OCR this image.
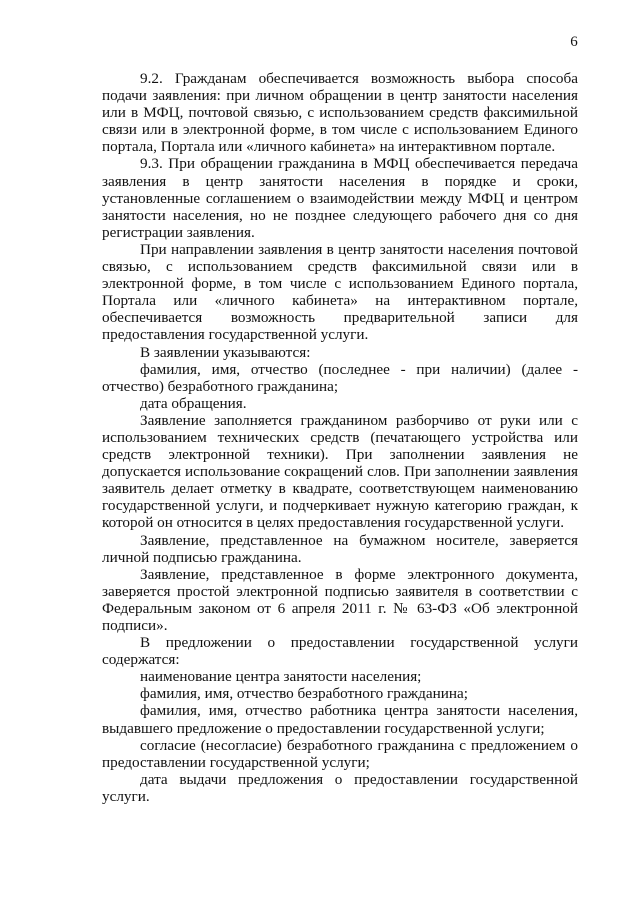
6

9.2. Гражданам обеспечивается возможность выбора способа подачи заявления: при личном обращении в центр занятости населения или в МФЦ, почтовой связью, с использованием средств факсимильной связи или в электронной форме, в том числе с использованием Единого портала, Портала или «личного кабинета» на интерактивном портале.

9.3. При обращении гражданина в МФЦ обеспечивается передача заявления в центр занятости населения в порядке и сроки, установленные соглашением о взаимодействии между МФЦ и центром занятости населения, но не позднее следующего рабочего дня со дня регистрации заявления.

При направлении заявления в центр занятости населения почтовой связью, с использованием средств факсимильной связи или в электронной форме, в том числе с использованием Единого портала, Портала или «личного кабинета» на интерактивном портале, обеспечивается возможность предварительной записи для предоставления государственной услуги.

В заявлении указываются:

фамилия, имя, отчество (последнее - при наличии) (далее - отчество) безработного гражданина;

дата обращения.

Заявление заполняется гражданином разборчиво от руки или с использованием технических средств (печатающего устройства или средств электронной техники). При заполнении заявления не допускается использование сокращений слов. При заполнении заявления заявитель делает отметку в квадрате, соответствующем наименованию государственной услуги, и подчеркивает нужную категорию граждан, к которой он относится в целях предоставления государственной услуги.

Заявление, представленное на бумажном носителе, заверяется личной подписью гражданина.

Заявление, представленное в форме электронного документа, заверяется простой электронной подписью заявителя в соответствии с Федеральным законом от 6 апреля 2011 г. № 63-ФЗ «Об электронной подписи».

В предложении о предоставлении государственной услуги содержатся:

наименование центра занятости населения;

фамилия, имя, отчество безработного гражданина;

фамилия, имя, отчество работника центра занятости населения, выдавшего предложение о предоставлении государственной услуги;

согласие (несогласие) безработного гражданина с предложением о предоставлении государственной услуги;

дата выдачи предложения о предоставлении государственной услуги.
